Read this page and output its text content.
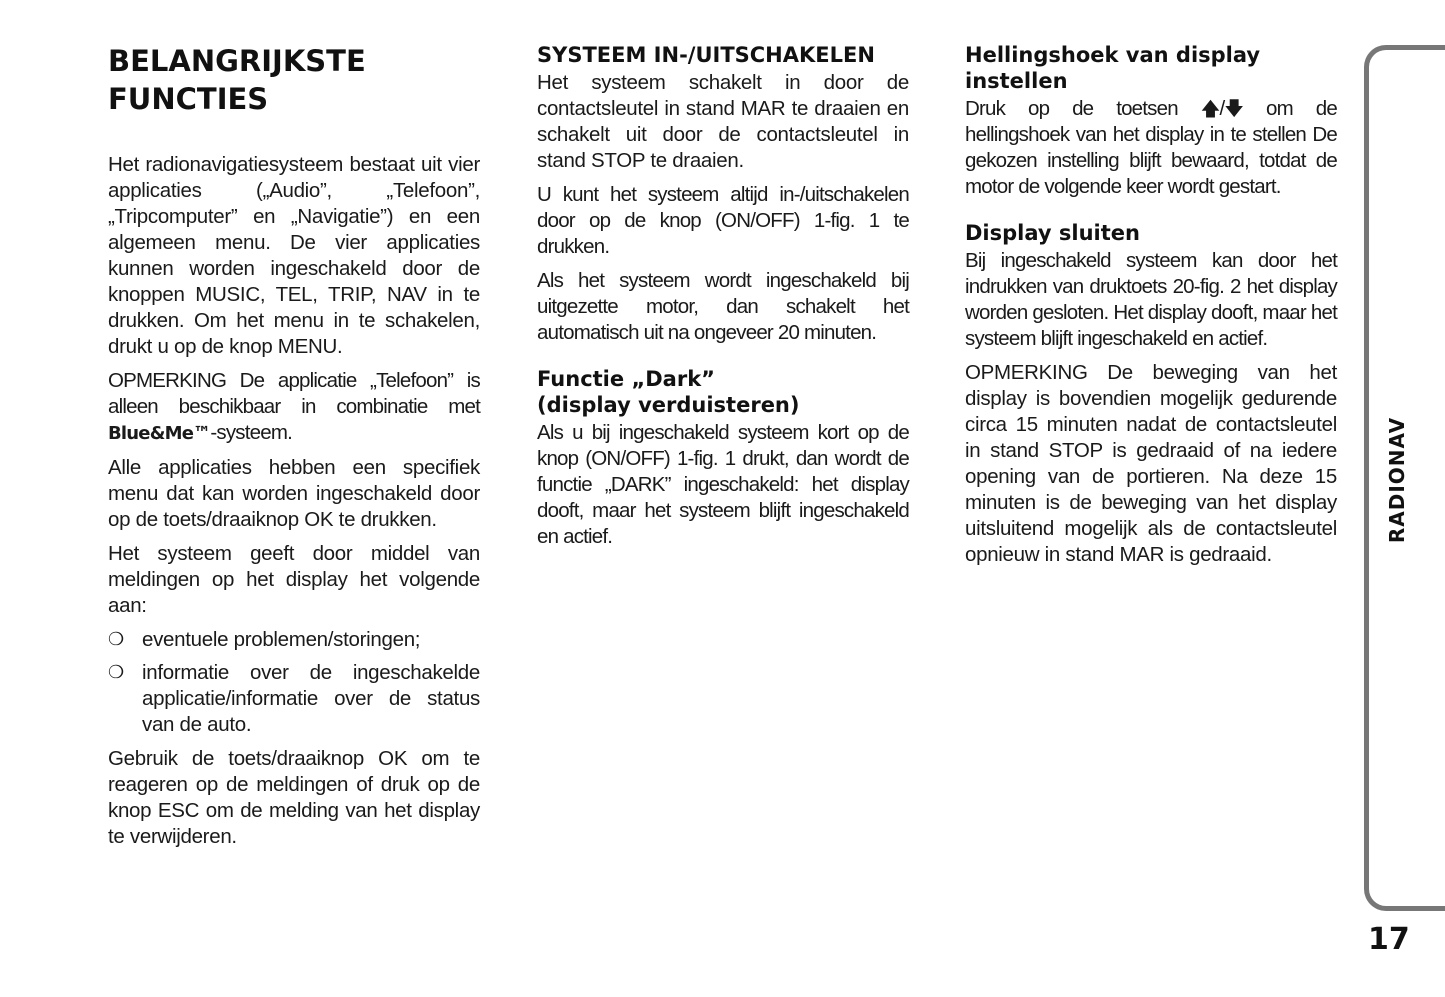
BELANGRIJKSTE
FUNCTIES

Het radionavigatiesysteem bestaat uit vier applicaties („Audio”, „Telefoon”, „Tripcomputer” en „Navigatie”) en een algemeen menu. De vier applicaties kunnen worden ingeschakeld door de knoppen MUSIC, TEL, TRIP, NAV in te drukken. Om het menu in te schakelen, drukt u op de knop MENU.

OPMERKING De applicatie „Telefoon” is alleen beschikbaar in combinatie met Blue&Me™-systeem.

Alle applicaties hebben een specifiek menu dat kan worden ingeschakeld door op de toets/draaiknop OK te drukken.

Het systeem geeft door middel van meldingen op het display het volgende aan:

❍ eventuele problemen/storingen;
❍ informatie over de ingeschakelde applicatie/informatie over de status van de auto.

Gebruik de toets/draaiknop OK om te reageren op de meldingen of druk op de knop ESC om de melding van het display te verwijderen.

SYSTEEM IN-/UITSCHAKELEN

Het systeem schakelt in door de contactsleutel in stand MAR te draaien en schakelt uit door de contactsleutel in stand STOP te draaien.

U kunt het systeem altijd in-/uitschakelen door op de knop (ON/OFF) 1-fig. 1 te drukken.

Als het systeem wordt ingeschakeld bij uitgezette motor, dan schakelt het automatisch uit na ongeveer 20 minuten.

Functie „Dark”
(display verduisteren)

Als u bij ingeschakeld systeem kort op de knop (ON/OFF) 1-fig. 1 drukt, dan wordt de functie „DARK” ingeschakeld: het display dooft, maar het systeem blijft ingeschakeld en actief.

Hellingshoek van display
instellen

Druk op de toetsen 🡅/🡇 om de hellingshoek van het display in te stellen De gekozen instelling blijft bewaard, totdat de motor de volgende keer wordt gestart.

Display sluiten

Bij ingeschakeld systeem kan door het indrukken van druktoets 20-fig. 2 het display worden gesloten. Het display dooft, maar het systeem blijft ingeschakeld en actief.

OPMERKING De beweging van het display is bovendien mogelijk gedurende circa 15 minuten nadat de contactsleutel in stand STOP is gedraaid of na iedere opening van de portieren. Na deze 15 minuten is de beweging van het display uitsluitend mogelijk als de contactsleutel opnieuw in stand MAR is gedraaid.

RADIONAV
17
